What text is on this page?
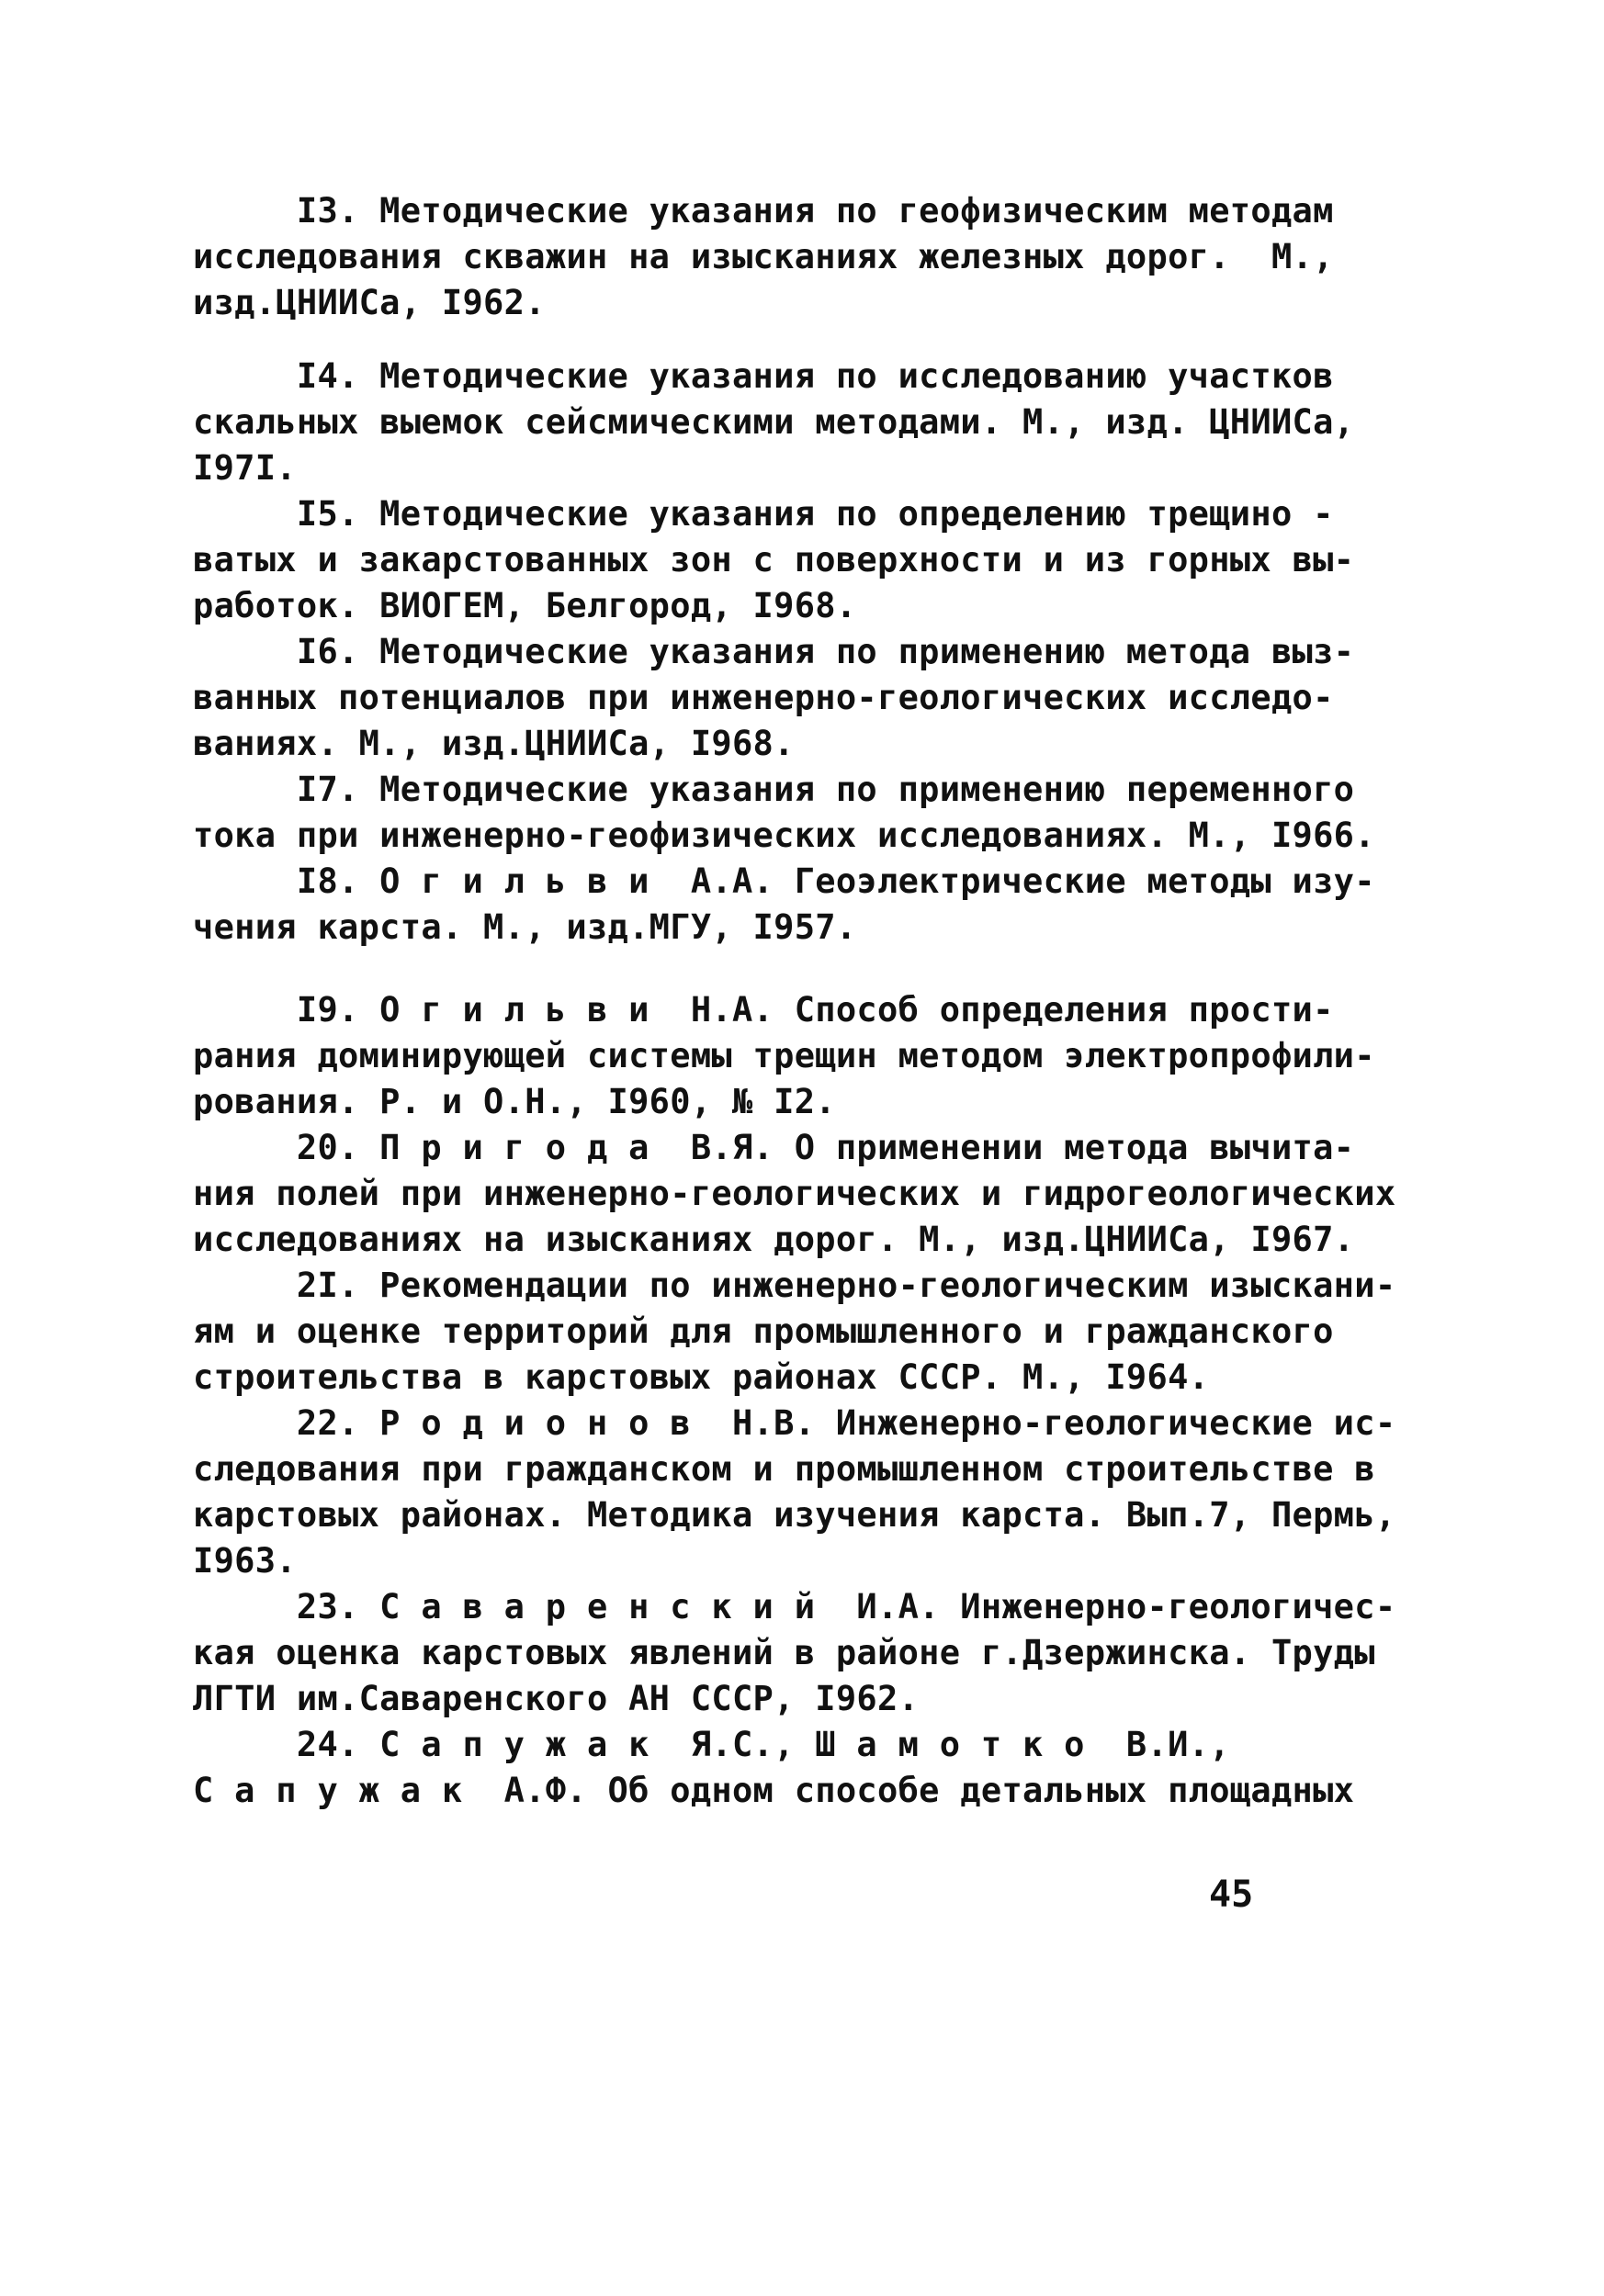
I3. Методические указания по геофизическим методам
исследования скважин на изысканиях железных дорог.  М.,
изд.ЦНИИСа, I962.
I4. Методические указания по исследованию участков
скальных выемок сейсмическими методами. М., изд. ЦНИИСа,
I97I.
I5. Методические указания по определению трещино -
ватых и закарстованных зон с поверхности и из горных вы-
работок. ВИОГЕМ, Белгород, I968.
I6. Методические указания по применению метода выз-
ванных потенциалов при инженерно-геологических исследо-
ваниях. М., изд.ЦНИИСа, I968.
I7. Методические указания по применению переменного
тока при инженерно-геофизических исследованиях. М., I966.
I8. О г и л ь в и  А.А. Геоэлектрические методы изу-
чения карста. М., изд.МГУ, I957.
I9. О г и л ь в и  Н.А. Способ определения прости-
рания доминирующей системы трещин методом электропрофили-
рования. Р. и О.Н., I960, № I2.
20. П р и г о д а  В.Я. О применении метода вычита-
ния полей при инженерно-геологических и гидрогеологических
исследованиях на изысканиях дорог. М., изд.ЦНИИСа, I967.
2I. Рекомендации по инженерно-геологическим изыскани-
ям и оценке территорий для промышленного и гражданского
строительства в карстовых районах СССР. М., I964.
22. Р о д и о н о в  Н.В. Инженерно-геологические ис-
следования при гражданском и промышленном строительстве в
карстовых районах. Методика изучения карста. Вып.7, Пермь,
I963.
23. С а в а р е н с к и й  И.А. Инженерно-геологичес-
кая оценка карстовых явлений в районе г.Дзержинска. Труды
ЛГТИ им.Саваренского АН СССР, I962.
24. С а п у ж а к  Я.С., Ш а м о т к о  В.И.,
С а п у ж а к  А.Ф. Об одном способе детальных площадных
45
